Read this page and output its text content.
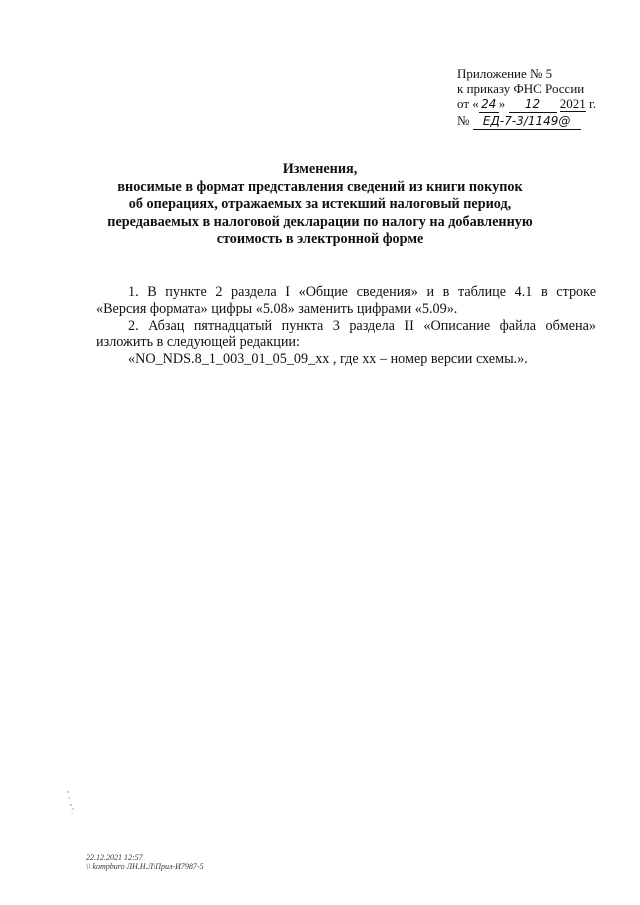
Приложение № 5
к приказу ФНС России
от « 24 » 12 2021 г.
№ ЕД-7-3/1149@
Изменения,
вносимые в формат представления сведений из книги покупок
об операциях, отражаемых за истекший налоговый период,
передаваемых в налоговой декларации по налогу на добавленную
стоимость в электронной форме
1. В пункте 2 раздела I «Общие сведения» и в таблице 4.1 в строке
«Версия формата» цифры «5.08» заменить цифрами «5.09».
2. Абзац пятнадцатый пункта 3 раздела II «Описание файла обмена»
изложить в следующей редакции:
«NO_NDS.8_1_003_01_05_09_xx , где xx – номер версии схемы.».
22.12.2021 12:57
\\ kompburo ЛН.Н.Л\Прил-И7987-5
